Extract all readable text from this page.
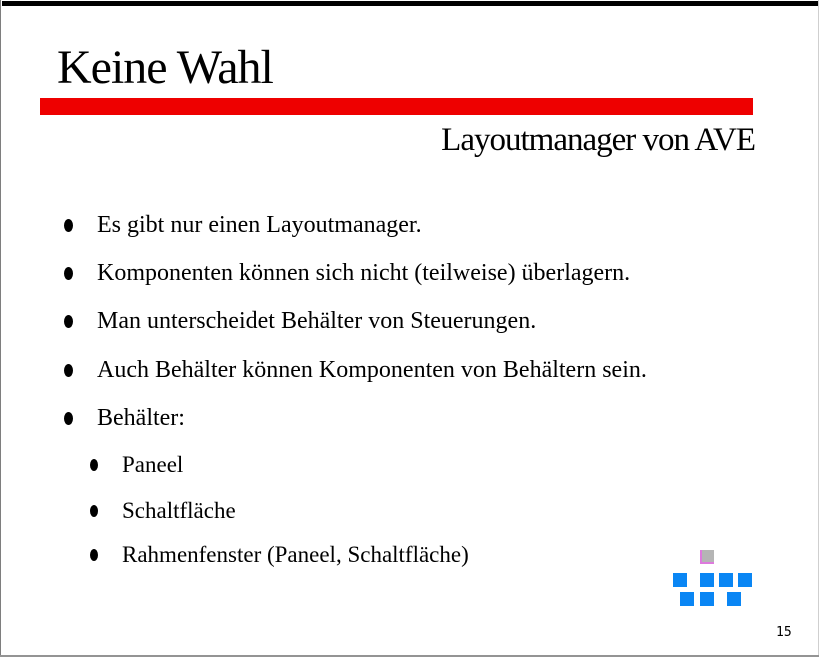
Keine Wahl
Layoutmanager von AVE
Es gibt nur einen Layoutmanager.
Komponenten können sich nicht (teilweise) überlagern.
Man unterscheidet Behälter von Steuerungen.
Auch Behälter können Komponenten von Behältern sein.
Behälter:
Paneel
Schaltfläche
Rahmenfenster (Paneel, Schaltfläche)
15
